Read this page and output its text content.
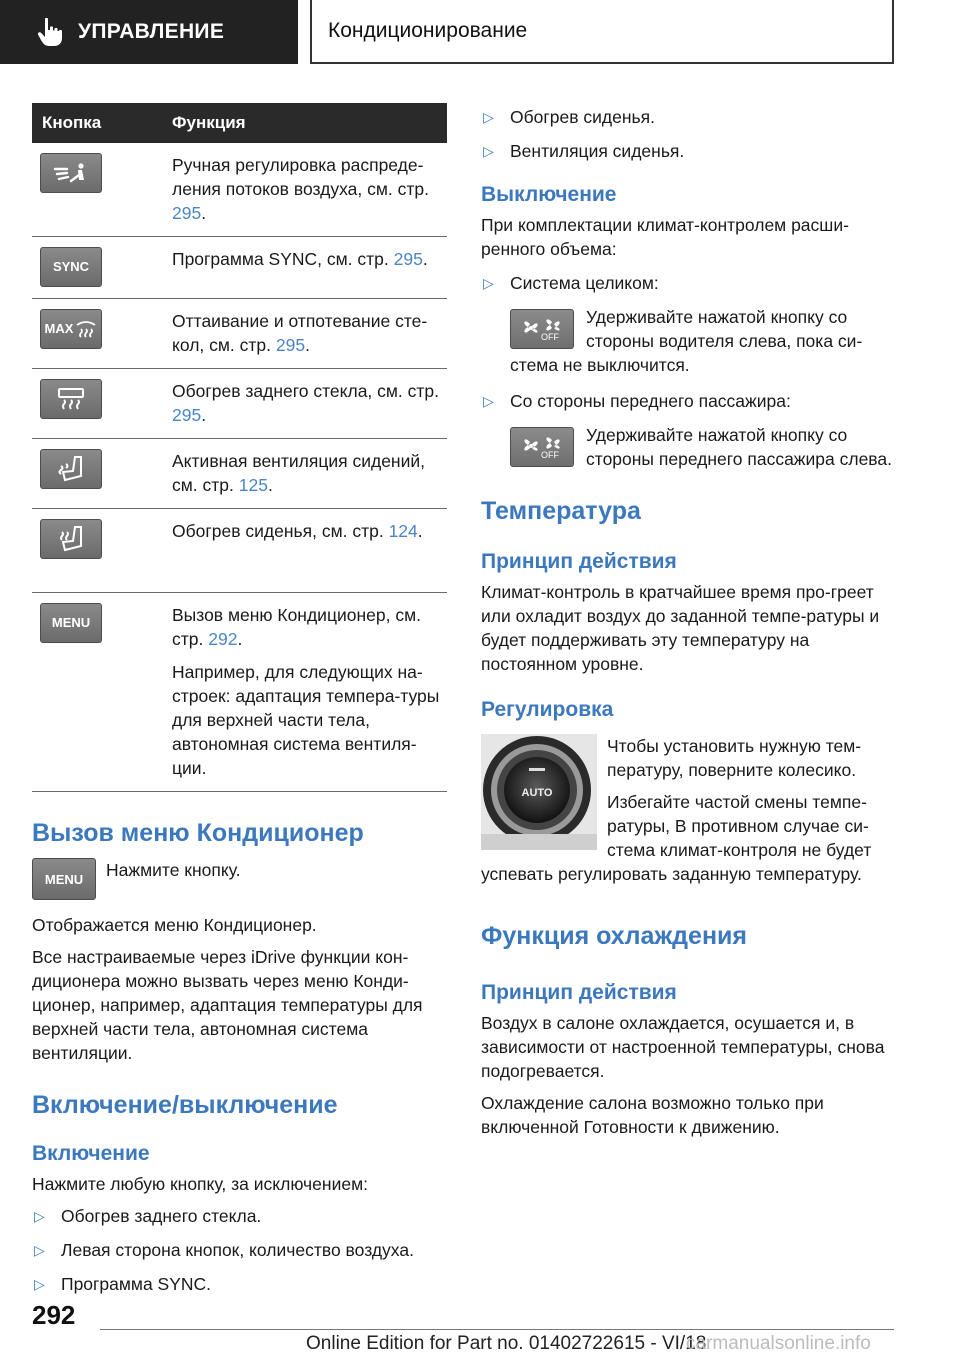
УПРАВЛЕНИЕ	Кондиционирование
Кнопка	Функция

	Ручная регулировка распреде-ления потоков воздуха, см. стр. 295.

SYNC	Программа SYNC, см. стр. 295.

MAX	Оттаивание и отпотевание сте-кол, см. стр. 295.

	Обогрев заднего стекла, см. стр. 295.

	Активная вентиляция сидений, см. стр. 125.

	Обогрев сиденья, см. стр. 124.

MENU	Вызов меню Кондиционер, см. стр. 292.

Например, для следующих на-строек: адаптация темпера-туры для верхней части тела, автономная система вентиля-ции.

Вызов меню Кондиционер
MENU	Нажмите кнопку.

Отображается меню Кондиционер.

Все настраиваемые через iDrive функции кон-диционера можно вызвать через меню Конди-ционер, например, адаптация температуры для верхней части тела, автономная система вентиляции.

Включение/выключение
Включение

Нажмите любую кнопку, за исключением:

▷ Обогрев заднего стекла.
▷ Левая сторона кнопок, количество воздуха.
▷ Программа SYNC.
▷ Обогрев сиденья.
▷ Вентиляция сиденья.
Выключение

При комплектации климат-контролем расши-ренного объема:

▷ Система целиком:
OFF

Удерживайте нажатой кнопку со стороны водителя слева, пока си-стема не выключится.

▷ Со стороны переднего пассажира:
OFF

Удерживайте нажатой кнопку со стороны переднего пассажира слева.

Температура
Принцип действия

Климат-контроль в кратчайшее время про-греет или охладит воздух до заданной темпе-ратуры и будет поддерживать эту температуру на постоянном уровне.

Регулировка
AUTO

Чтобы установить нужную тем-пературу, поверните колесико.

Избегайте частой смены темпе-ратуры, В противном случае си-стема климат-контроля не будет успевать регулировать заданную температуру.

Функция охлаждения
Принцип действия

Воздух в салоне охлаждается, осушается и, в зависимости от настроенной температуры, снова подогревается.

Охлаждение салона возможно только при включенной Готовности к движению.

292
Online Edition for Part no. 01402722615 - VI/18
carmanualsonline.info
